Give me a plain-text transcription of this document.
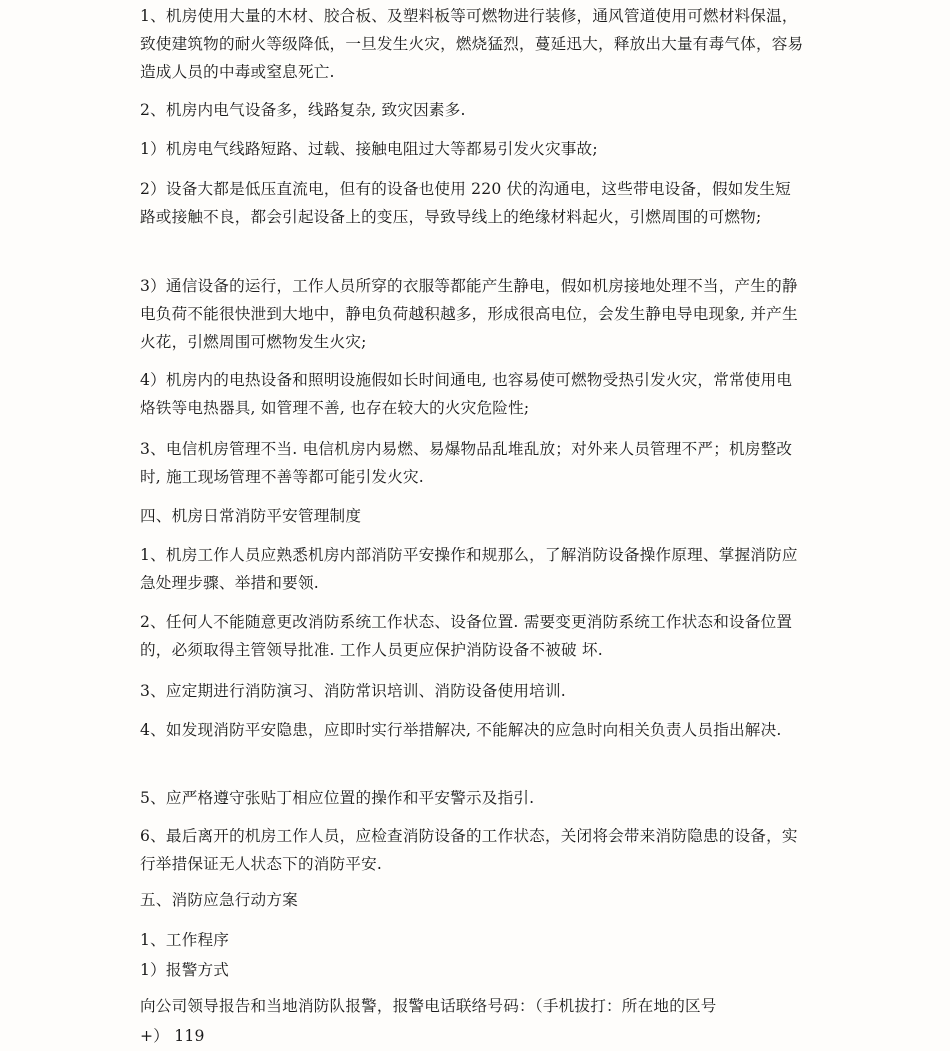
1、机房使用大量的木材、胶合板、及塑料板等可燃物进行装修，通风管道使用可燃材料保温，致使建筑物的耐火等级降低，一旦发生火灾，燃烧猛烈，蔓延迅大，释放出大量有毒气体，容易造成人员的中毒或窒息死亡.

2、机房内电气设备多，线路复杂, 致灾因素多.

1）机房电气线路短路、过载、接触电阻过大等都易引发火灾事故;

2）设备大都是低压直流电，但有的设备也使用 220 伏的沟通电，这些带电设备，假如发生短路或接触不良，都会引起设备上的变压，导致导线上的绝缘材料起火，引燃周围的可燃物;

3）通信设备的运行，工作人员所穿的衣服等都能产生静电，假如机房接地处理不当，产生的静电负荷不能很快泄到大地中，静电负荷越积越多，形成很高电位，会发生静电导电现象, 并产生火花，引燃周围可燃物发生火灾;

4）机房内的电热设备和照明设施假如长时间通电, 也容易使可燃物受热引发火灾，常常使用电烙铁等电热器具, 如管理不善, 也存在较大的火灾危险性;

3、电信机房管理不当. 电信机房内易燃、易爆物品乱堆乱放；对外来人员管理不严；机房整改时, 施工现场管理不善等都可能引发火灾.

四、机房日常消防平安管理制度

1、机房工作人员应熟悉机房内部消防平安操作和规那么，了解消防设备操作原理、掌握消防应急处理步骤、举措和要领.

2、任何人不能随意更改消防系统工作状态、设备位置. 需要变更消防系统工作状态和设备位置的，必须取得主管领导批准. 工作人员更应保护消防设备不被破 坏.

3、应定期进行消防演习、消防常识培训、消防设备使用培训.

4、如发现消防平安隐患，应即时实行举措解决, 不能解决的应急时向相关负责人员指出解决.

5、应严格遵守张贴丁相应位置的操作和平安警示及指引.

6、最后离开的机房工作人员，应检查消防设备的工作状态，关闭将会带来消防隐患的设备，实行举措保证无人状态下的消防平安.

五、消防应急行动方案

1、工作程序

1）报警方式

向公司领导报告和当地消防队报警，报警电话联络号码：（手机拔打：所在地的区号+） 119
